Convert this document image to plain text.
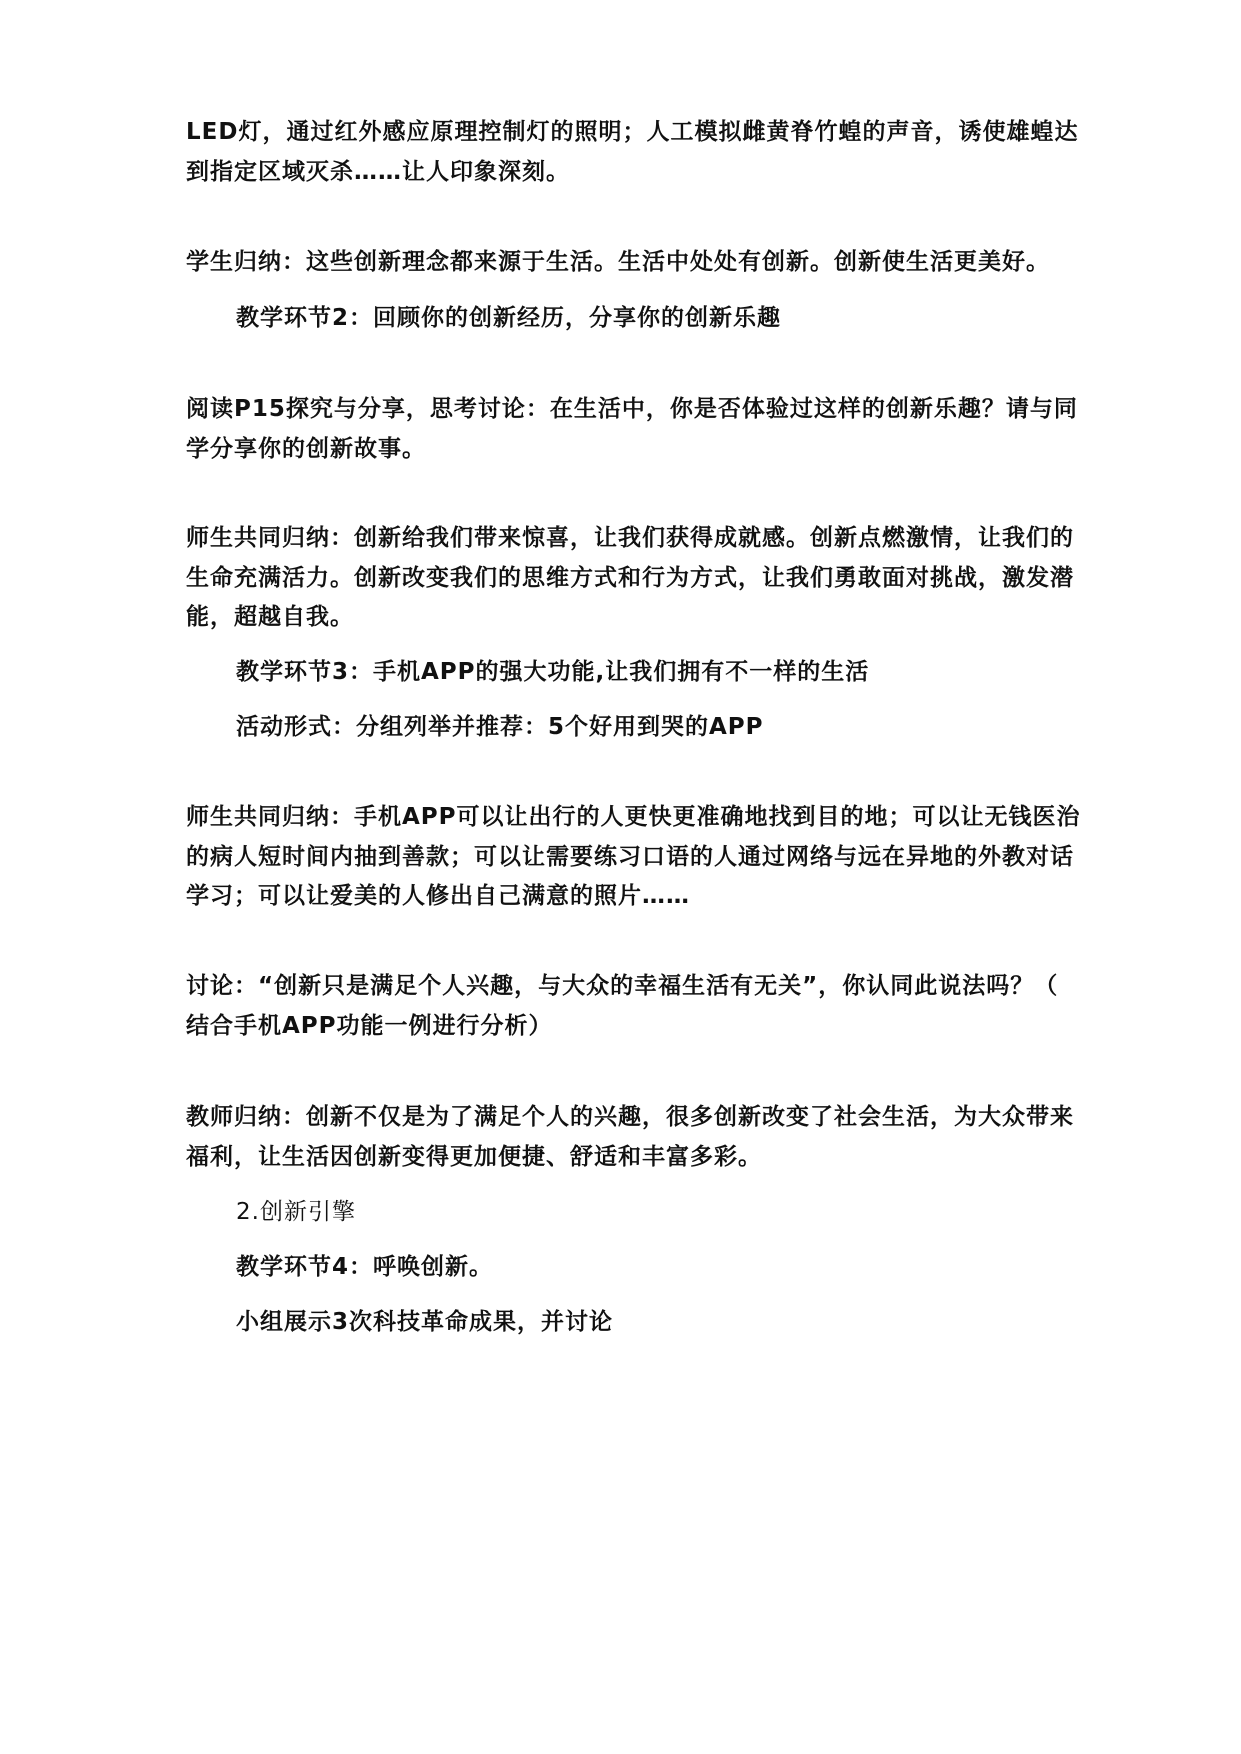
LED灯，通过红外感应原理控制灯的照明；人工模拟雌黄脊竹蝗的声音，诱使雄蝗达
到指定区域灭杀……让人印象深刻。
学生归纳：这些创新理念都来源于生活。生活中处处有创新。创新使生活更美好。
教学环节2：回顾你的创新经历，分享你的创新乐趣
阅读P15探究与分享，思考讨论：在生活中，你是否体验过这样的创新乐趣？请与同
学分享你的创新故事。
师生共同归纳：创新给我们带来惊喜，让我们获得成就感。创新点燃激情，让我们的
生命充满活力。创新改变我们的思维方式和行为方式，让我们勇敢面对挑战，激发潜
能，超越自我。
教学环节3：手机APP的强大功能,让我们拥有不一样的生活
活动形式：分组列举并推荐：5个好用到哭的APP
师生共同归纳：手机APP可以让出行的人更快更准确地找到目的地；可以让无钱医治
的病人短时间内抽到善款；可以让需要练习口语的人通过网络与远在异地的外教对话
学习；可以让爱美的人修出自己满意的照片……
讨论：“创新只是满足个人兴趣，与大众的幸福生活有无关”，你认同此说法吗？（
结合手机APP功能一例进行分析）
教师归纳：创新不仅是为了满足个人的兴趣，很多创新改变了社会生活，为大众带来
福利，让生活因创新变得更加便捷、舒适和丰富多彩。
2.创新引擎
教学环节4：呼唤创新。
小组展示3次科技革命成果，并讨论
